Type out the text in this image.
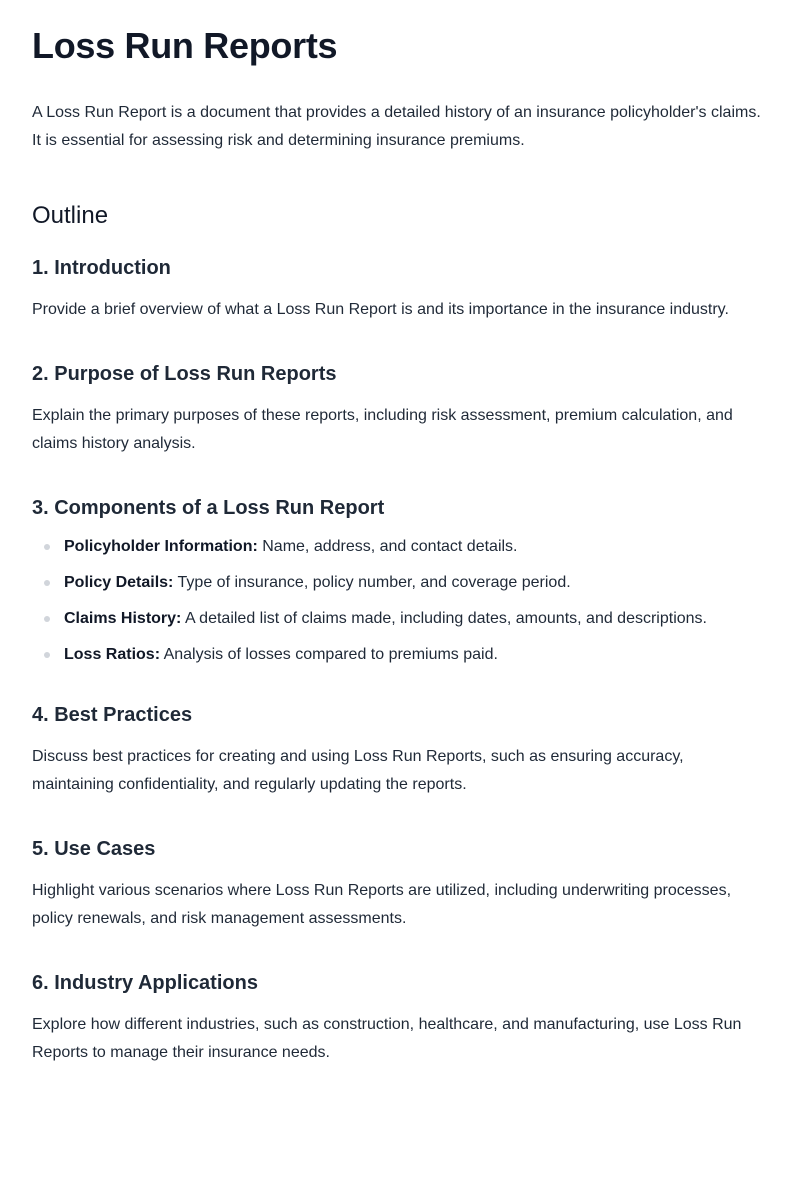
Loss Run Reports

A Loss Run Report is a document that provides a detailed history of an insurance policyholder's claims. It is essential for assessing risk and determining insurance premiums.

Outline
1. Introduction

Provide a brief overview of what a Loss Run Report is and its importance in the insurance industry.

2. Purpose of Loss Run Reports

Explain the primary purposes of these reports, including risk assessment, premium calculation, and claims history analysis.

3. Components of a Loss Run Report
Policyholder Information: Name, address, and contact details.
Policy Details: Type of insurance, policy number, and coverage period.
Claims History: A detailed list of claims made, including dates, amounts, and descriptions.
Loss Ratios: Analysis of losses compared to premiums paid.
4. Best Practices

Discuss best practices for creating and using Loss Run Reports, such as ensuring accuracy, maintaining confidentiality, and regularly updating the reports.

5. Use Cases

Highlight various scenarios where Loss Run Reports are utilized, including underwriting processes, policy renewals, and risk management assessments.

6. Industry Applications

Explore how different industries, such as construction, healthcare, and manufacturing, use Loss Run Reports to manage their insurance needs.
